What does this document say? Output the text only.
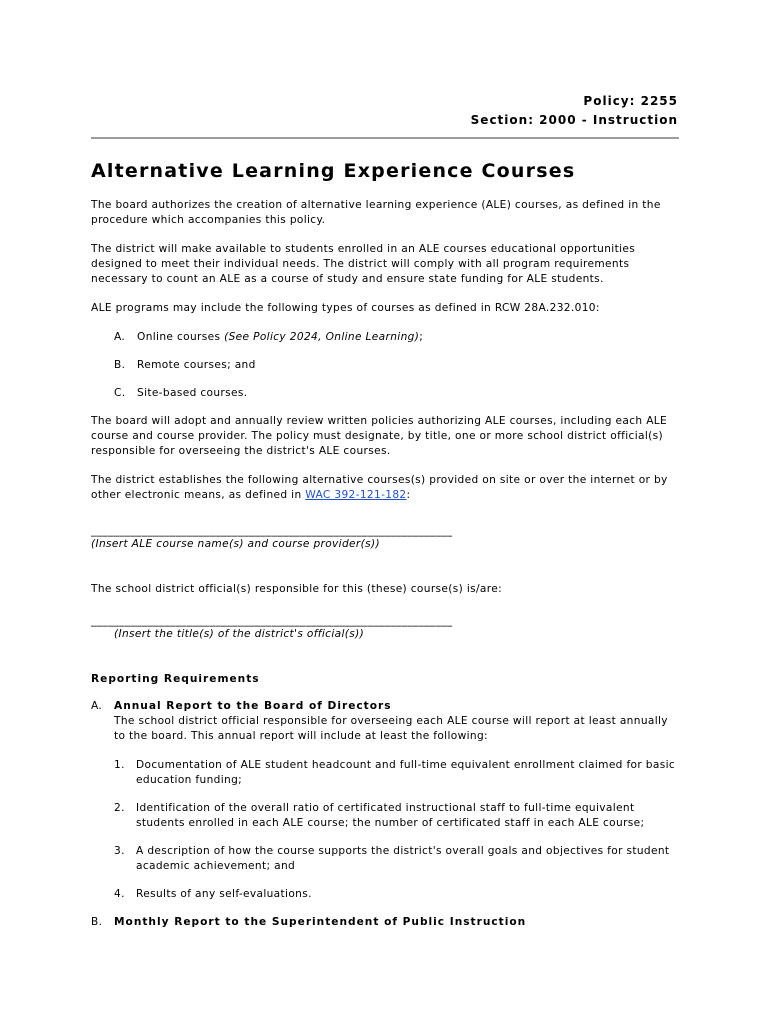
Policy: 2255
Section: 2000 - Instruction
Alternative Learning Experience Courses

The board authorizes the creation of alternative learning experience (ALE) courses, as defined in the procedure which accompanies this policy.

The district will make available to students enrolled in an ALE courses educational opportunities designed to meet their individual needs. The district will comply with all program requirements necessary to count an ALE as a course of study and ensure state funding for ALE students.

ALE programs may include the following types of courses as defined in RCW 28A.232.010:

A.	Online courses (See Policy 2024, Online Learning);
B.	Remote courses; and
C.	Site-based courses.

The board will adopt and annually review written policies authorizing ALE courses, including each ALE course and course provider. The policy must designate, by title, one or more school district official(s) responsible for overseeing the district's ALE courses.

The district establishes the following alternative courses(s) provided on site or over the internet or by other electronic means, as defined in WAC 392-121-182:

________________________________________________________________
(Insert ALE course name(s) and course provider(s))

The school district official(s) responsible for this (these) course(s) is/are:

________________________________________________________________
(Insert the title(s) of the district's official(s))
Reporting Requirements
A.	Annual Report to the Board of Directors
The school district official responsible for overseeing each ALE course will report at least annually to the board. This annual report will include at least the following:
1.	Documentation of ALE student headcount and full-time equivalent enrollment claimed for basic education funding;
2.	Identification of the overall ratio of certificated instructional staff to full-time equivalent students enrolled in each ALE course; the number of certificated staff in each ALE course;
3.	A description of how the course supports the district's overall goals and objectives for student academic achievement; and
4.	Results of any self-evaluations.
B.	Monthly Report to the Superintendent of Public Instruction
